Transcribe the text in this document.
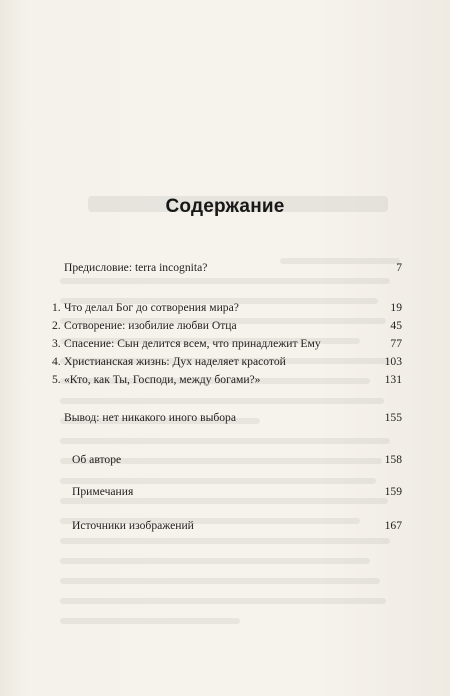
Содержание
Предисловие: terra incognita?	7
1. Что делал Бог до сотворения мира?	19
2. Сотворение: изобилие любви Отца	45
3. Спасение: Сын делится всем, что принадлежит Ему	77
4. Христианская жизнь: Дух наделяет красотой	103
5. «Кто, как Ты, Господи, между богами?»	131
Вывод: нет никакого иного выбора	155
Об авторе	158
Примечания	159
Источники изображений	167
